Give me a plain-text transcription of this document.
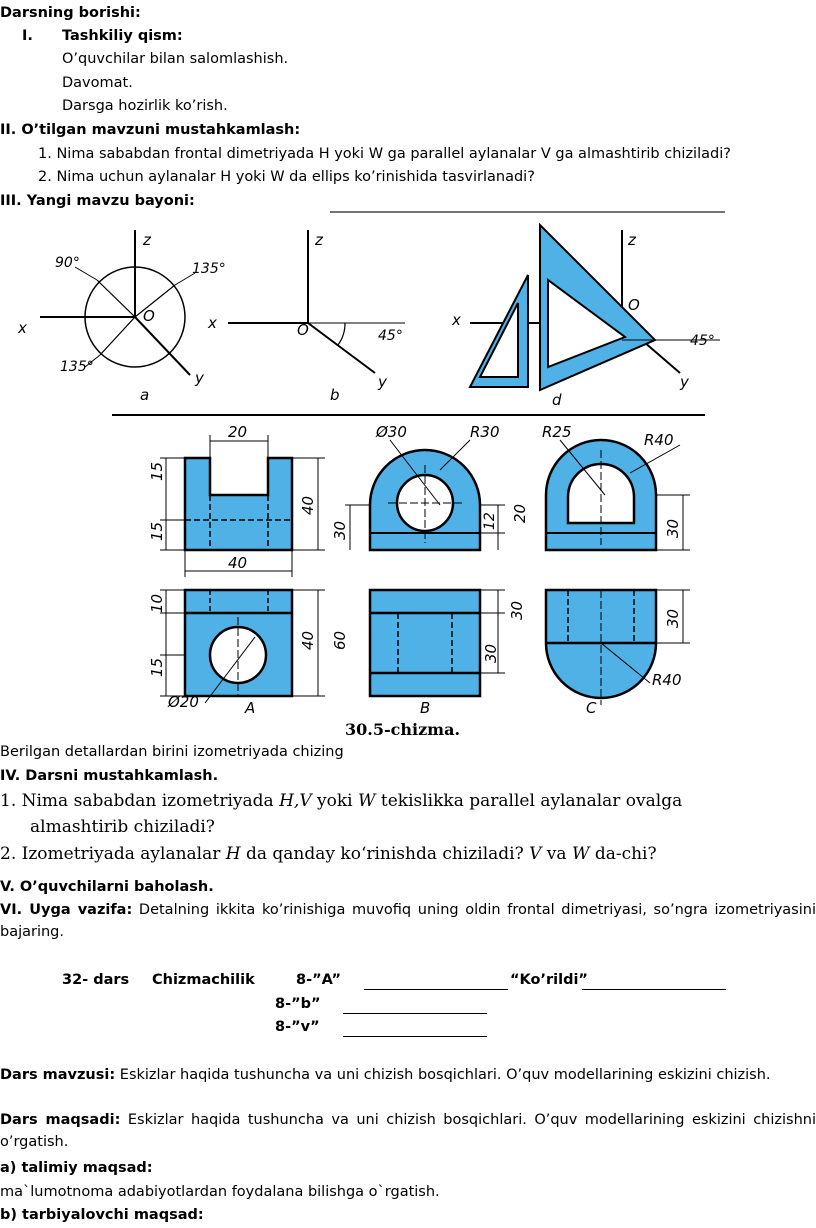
Darsning borishi:
I. Tashkiliy qism:
O’quvchilar bilan salomlashish.
Davomat.
Darsga hozirlik ko’rish.
II. O’tilgan mavzuni mustahkamlash:
1. Nima sababdan frontal dimetriyada H yoki W ga parallel aylanalar V ga almashtirib chiziladi?
2. Nima uchun aylanalar H yoki W da ellips ko’rinishida tasvirlanadi?
III. Yangi mavzu bayoni:
z
x
y
O
90°	135°
135°
a
z
x
y
O	45°
b
z
x
y
O
45°
d
20
15
15
40
40
Ø30	R30
30	12 20
R25	R40
30
10
15
40 60
Ø20	A
30
30
B
30
R40
C
30.5-chizma.
Berilgan detallardan birini izometriyada chizing
IV. Darsni mustahkamlash.
1. Nima sababdan izometriyada H,V yoki W tekislikka parallel aylanalar ovalga
almashtirib chiziladi?
2. Izometriyada aylanalar H da qanday ko‘rinishda chiziladi? V va W da-chi?
V. O’quvchilarni baholash.
VI. Uyga vazifa: Detalning ikkita ko’rinishiga muvofiq uning oldin frontal dimetriyasi, so’ngra izometriyasini bajaring.
32- dars Chizmachilik	8-”A”	“Ko’rildi”
8-”b”
8-”v”
Dars mavzusi: Eskizlar haqida tushuncha va uni chizish bosqichlari. O’quv modellarining eskizini chizish.
Dars maqsadi: Eskizlar haqida tushuncha va uni chizish bosqichlari. O’quv modellarining eskizini chizishni o’rgatish.
a) talimiy maqsad:
ma`lumotnoma adabiyotlardan foydalana bilishga o`rgatish.
b) tarbiyalovchi maqsad:
